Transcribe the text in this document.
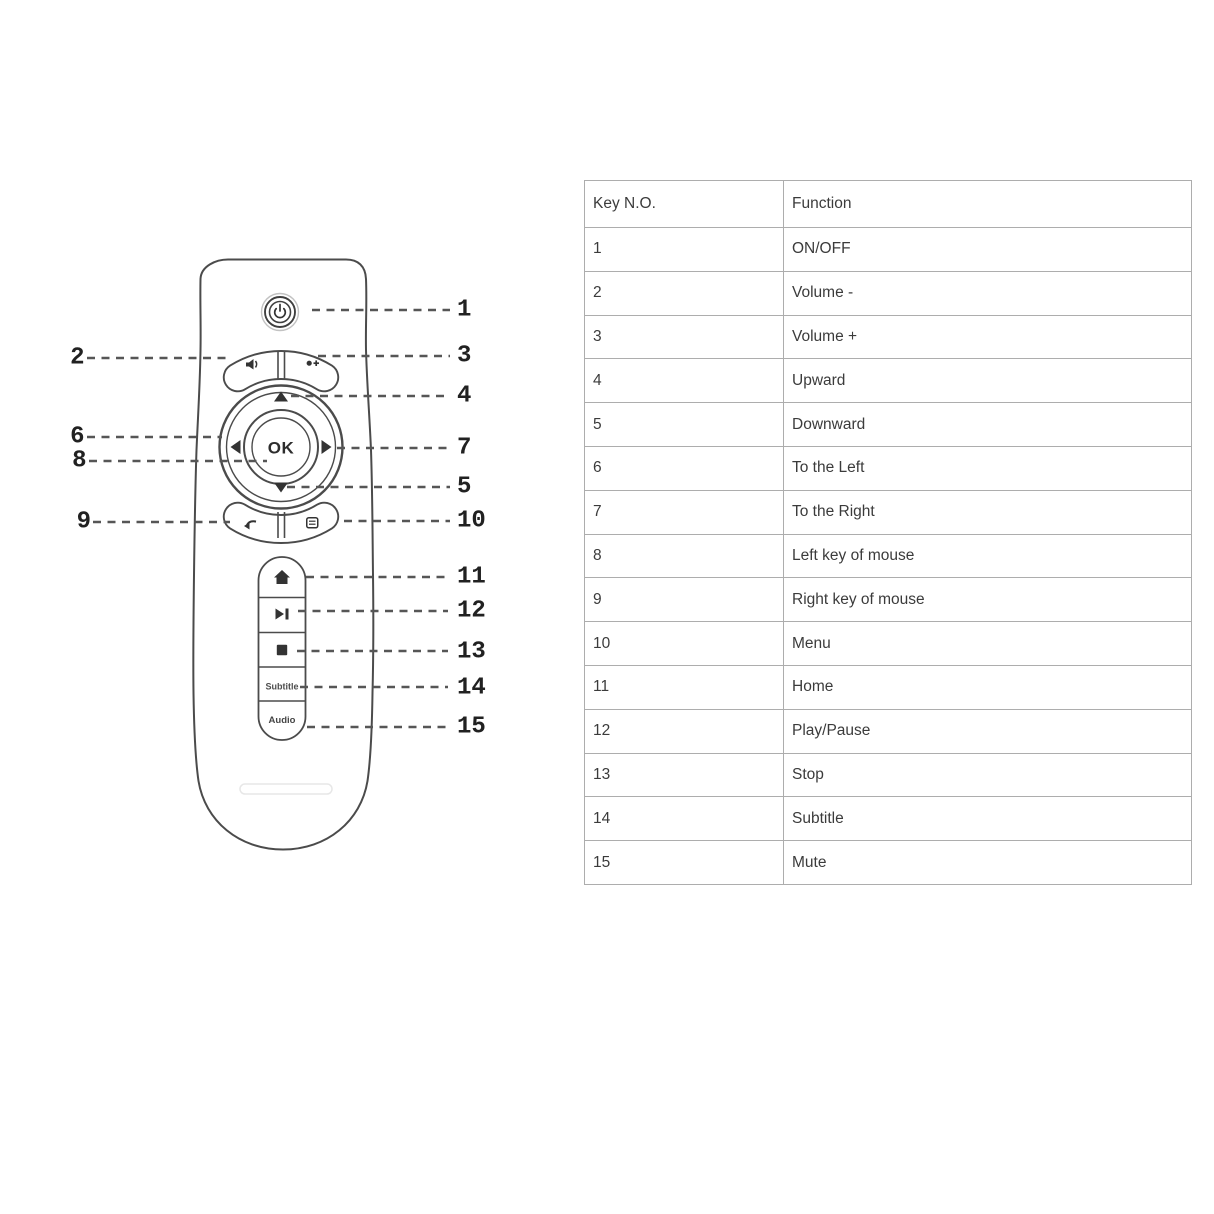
OK
Subtitle
Audio
1
2	3
4
5
6	7
8
9	10
11
12
13
14
15
Key N.O.	Function
1	ON/OFF
2	Volume -
3	Volume +
4	Upward
5	Downward
6	To the Left
7	To the Right
8	Left key of mouse
9	Right key of mouse
10	Menu
11	Home
12	Play/Pause
13	Stop
14	Subtitle
15	Mute
